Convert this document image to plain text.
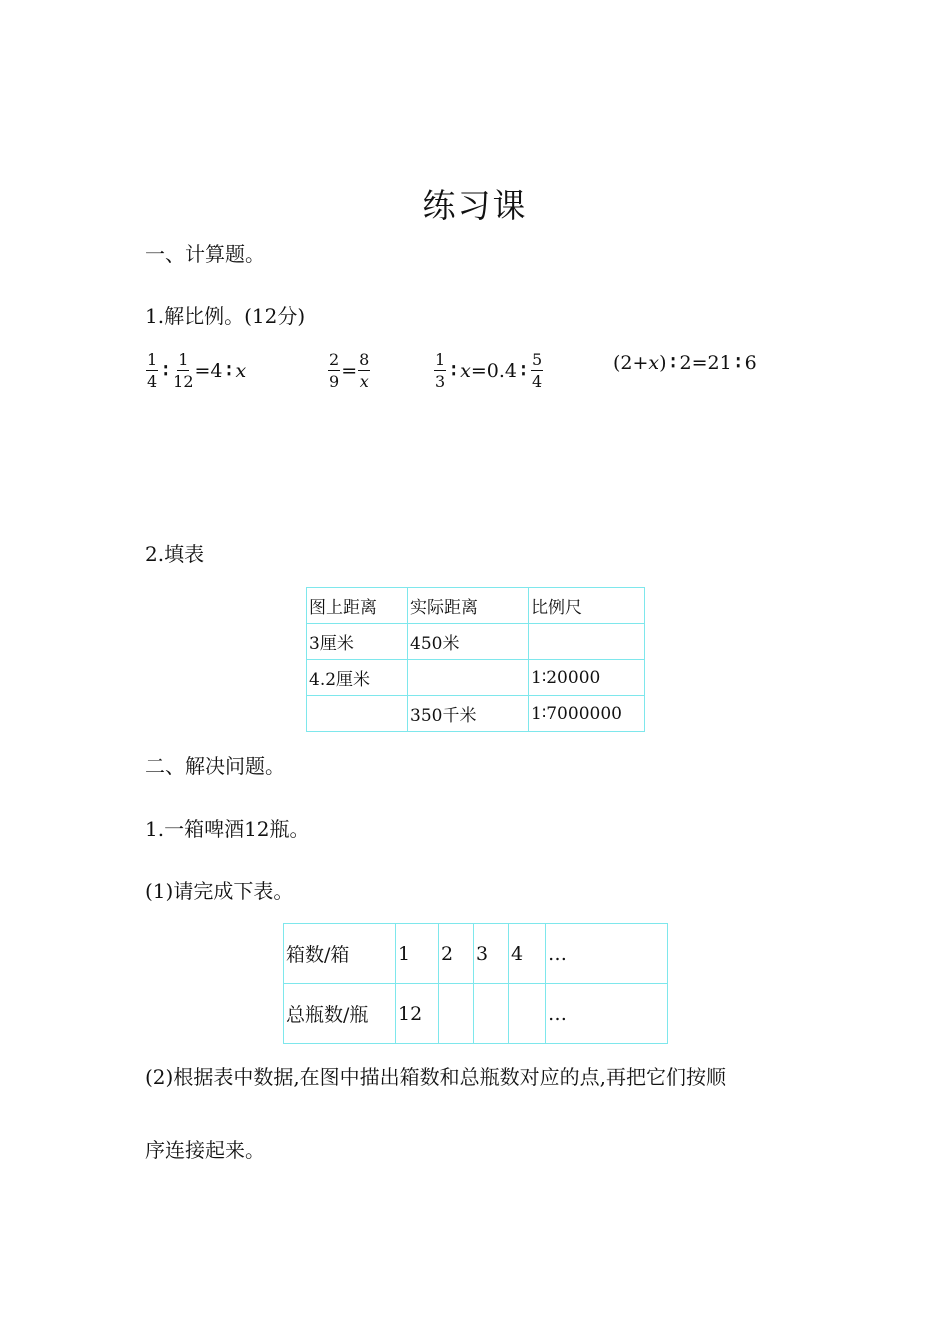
练习课
一、计算题。
1.解比例。(12分)
$\frac{1}{4}$ ∶ $\frac{1}{12} =4$ ∶ x	$\frac{2}{9} = \frac{8}{x}$	$\frac{1}{3}$ ∶ x =0.4 ∶ $\frac{5}{4}$	(2+ x ) ∶ 2=21 ∶ 6
2.填表
图上距离	实际距离	比例尺
3厘米	450米	
4.2厘米		1∶20000
	350千米	1∶7000000
二、解决问题。
1.一箱啤酒12瓶。
(1)请完成下表。
箱数/箱	1	2	3	4	…
总瓶数/瓶	12				…
(2)根据表中数据,在图中描出箱数和总瓶数对应的点,再把它们按顺
序连接起来。
